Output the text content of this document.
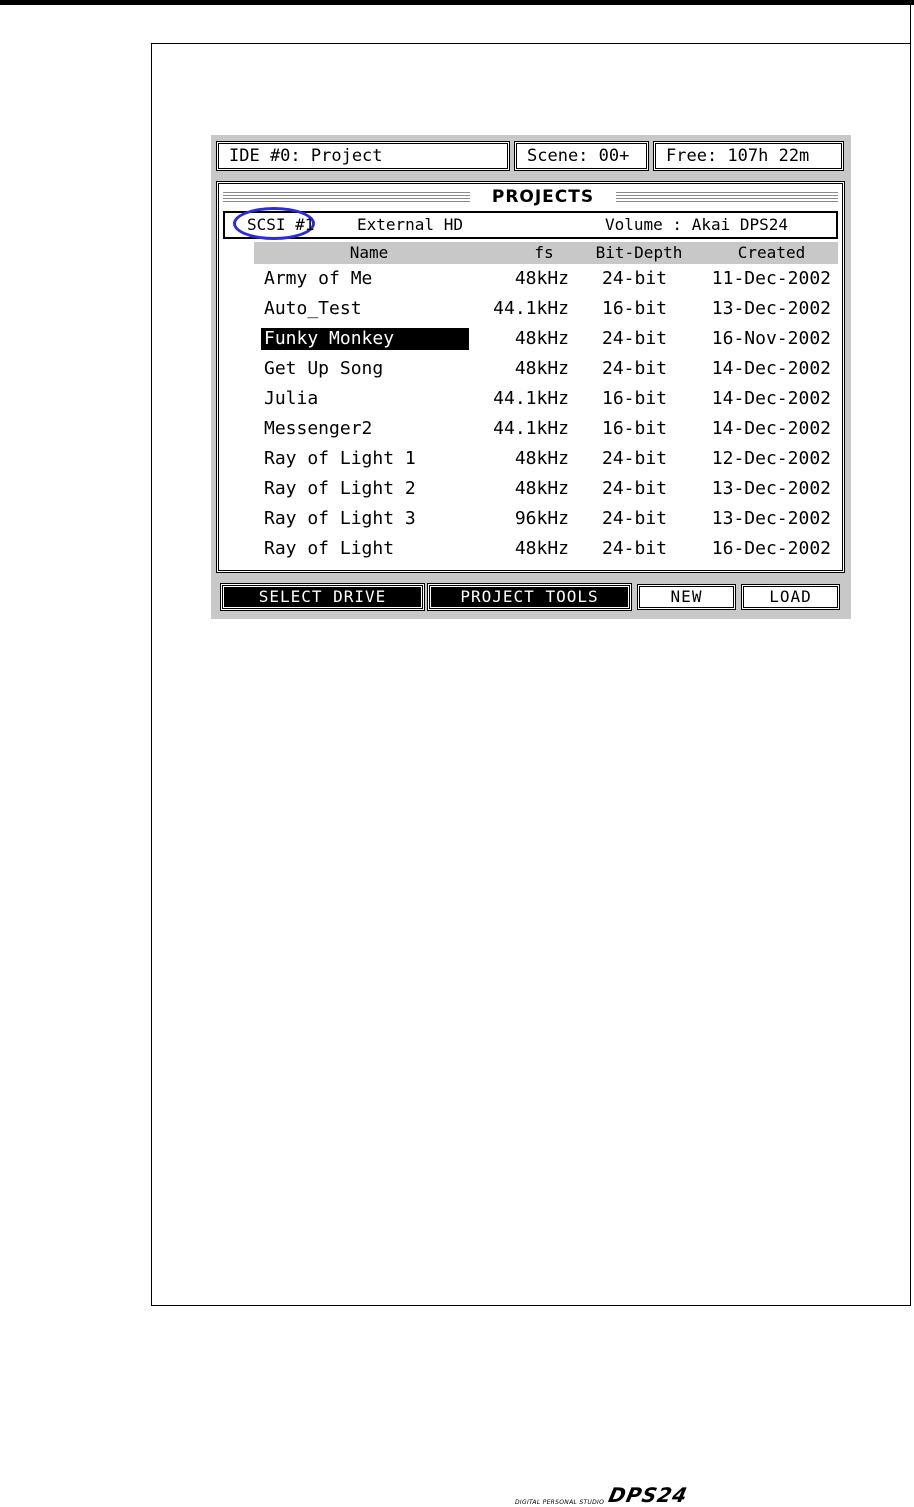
IDE #0: Project	Scene: 00+	Free: 107h 22m
PROJECTS
SCSI #1	External HD	Volume : Akai DPS24
Name	fs	Bit-Depth	Created
Army of Me	48kHz 24-bit 11-Dec-2002
Auto_Test	44.1kHz 16-bit 13-Dec-2002
Funky Monkey	48kHz 24-bit 16-Nov-2002
Get Up Song	48kHz 24-bit 14-Dec-2002
Julia	44.1kHz 16-bit 14-Dec-2002
Messenger2	44.1kHz 16-bit 14-Dec-2002
Ray of Light 1	48kHz 24-bit 12-Dec-2002
Ray of Light 2	48kHz 24-bit 13-Dec-2002
Ray of Light 3	96kHz 24-bit 13-Dec-2002
Ray of Light	48kHz 24-bit 16-Dec-2002
SELECT DRIVE	PROJECT TOOLS	NEW	LOAD
DIGITAL PERSONAL STUDIO DPS24
